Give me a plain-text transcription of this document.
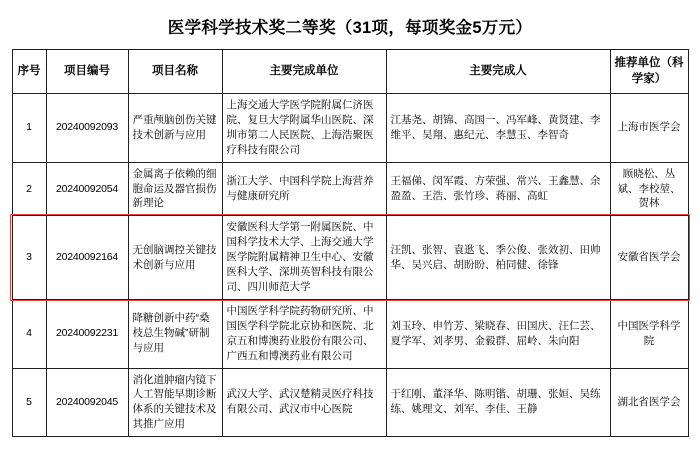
医学科学技术奖二等奖（31项，每项奖金5万元）
序号	项目编号	项目名称	主要完成单位	主要完成人	推荐单位（科学家）
1	20240092093	严重颅脑创伤关键技术创新与应用	上海交通大学医学院附属仁济医院、复旦大学附属华山医院、深圳市第二人民医院、上海浩聚医疗科技有限公司	江基尧、胡锦、高国一、冯军峰、黄贤建、李维平、吴翔、惠纪元、李慧玉、李智奇	上海市医学会
2	20240092054	金属离子依赖的细胞命运及器官损伤新理论	浙江大学、中国科学院上海营养与健康研究所	王福俤、闵军霞、方荣强、常兴、王鑫慧、余盈盈、王浩、张竹珍、蒋丽、高虹	顾晓松、丛斌、李校堃、贺林
3	20240092164	无创脑调控关键技术创新与应用	安徽医科大学第一附属医院、中国科学技术大学、上海交通大学医学院附属精神卫生中心、安徽医科大学、深圳英智科技有限公司、四川师范大学	汪凯、张智、袁逖飞、季公俊、张效初、田帅华、吴兴启、胡盼盼、柏同健、徐锋	安徽省医学会
4	20240092231	降糖创新中药“桑枝总生物碱”研制与应用	中国医学科学院药物研究所、中国医学科学院北京协和医院、北京五和博澳药业股份有限公司、广西五和博澳药业有限公司	刘玉玲、申竹芳、梁晓春、田国庆、汪仁芸、夏学军、刘孝男、金毅群、屈岭、朱向阳	中国医学科学院
5	20240092045	消化道肿瘤内镜下人工智能早期诊断体系的关键技术及其推广应用	武汉大学、武汉楚精灵医疗科技有限公司、武汉市中心医院	于红刚、董泽华、陈明锴、胡珊、张姮、吴练练、姚理文、刘军、李佳、王静	湖北省医学会
